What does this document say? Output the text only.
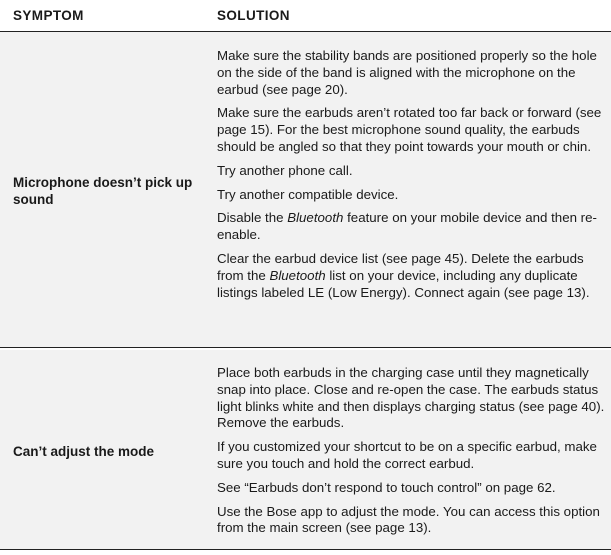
SYMPTOM	SOLUTION
Microphone doesn’t pick up sound
Make sure the stability bands are positioned properly so the hole on the side of the band is aligned with the microphone on the earbud (see page 20).
Make sure the earbuds aren’t rotated too far back or forward (see page 15). For the best microphone sound quality, the earbuds should be angled so that they point towards your mouth or chin.
Try another phone call.
Try another compatible device.
Disable the Bluetooth feature on your mobile device and then re-enable.
Clear the earbud device list (see page 45). Delete the earbuds from the Bluetooth list on your device, including any duplicate listings labeled LE (Low Energy). Connect again (see page 13).
Can’t adjust the mode
Place both earbuds in the charging case until they magnetically snap into place. Close and re-open the case. The earbuds status light blinks white and then displays charging status (see page 40). Remove the earbuds.
If you customized your shortcut to be on a specific earbud, make sure you touch and hold the correct earbud.
See “Earbuds don’t respond to touch control” on page 62.
Use the Bose app to adjust the mode. You can access this option from the main screen (see page 13).
